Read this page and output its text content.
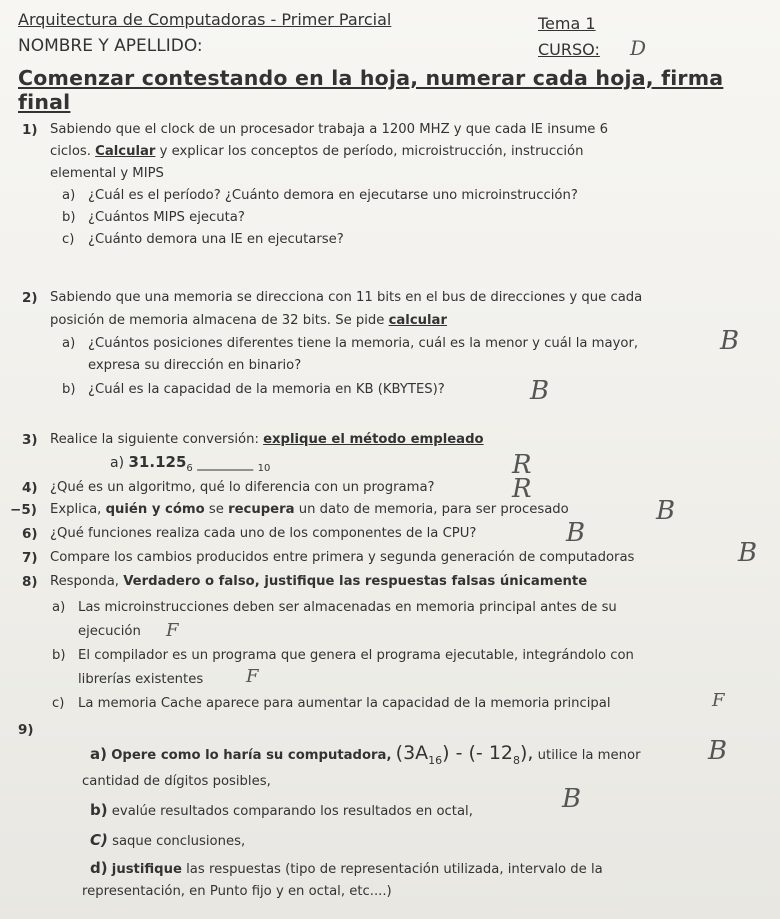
Arquitectura de Computadoras - Primer Parcial	Tema 1
NOMBRE Y APELLIDO:	CURSO: D
Comenzar contestando en la hoja, numerar cada hoja, firma final
1) Sabiendo que el clock de un procesador trabaja a 1200 MHZ y que cada IE insume 6
ciclos. Calcular y explicar los conceptos de período, microistrucción, instrucción
elemental y MIPS
a) ¿Cuál es el período? ¿Cuánto demora en ejecutarse uno microinstrucción?
b) ¿Cuántos MIPS ejecuta?
c) ¿Cuánto demora una IE en ejecutarse?
2) Sabiendo que una memoria se direcciona con 11 bits en el bus de direcciones y que cada
posición de memoria almacena de 32 bits. Se pide calcular
a) ¿Cuántos posiciones diferentes tiene la memoria, cuál es la menor y cuál la mayor,
expresa su dirección en binario?
b) ¿Cuál es la capacidad de la memoria en KB (KBYTES)?
B
B
3) Realice la siguiente conversión: explique el método empleado
a) $31.125_6$ ________ $_{10}$	R
4) ¿Qué es un algoritmo, qué lo diferencia con un programa?	R
−5) Explica, quién y cómo se recupera un dato de memoria, para ser procesado	B
6) ¿Qué funciones realiza cada uno de los componentes de la CPU?	B
7) Compare los cambios producidos entre primera y segunda generación de computadoras	B
8) Responda, Verdadero o falso, justifique las respuestas falsas únicamente
a) Las microinstrucciones deben ser almacenadas en memoria principal antes de su
ejecución F
b) El compilador es un programa que genera el programa ejecutable, integrándolo con
librerías existentes F
c) La memoria Cache aparece para aumentar la capacidad de la memoria principal	F
9)
a) Opere como lo haría su computadora, $(3A_{16})$ - (- $12_8$), utilice la menor
cantidad de dígitos posibles,
B
b) evalúe resultados comparando los resultados en octal,	B
C) saque conclusiones,
d) justifique las respuestas (tipo de representación utilizada, intervalo de la
representación, en Punto fijo y en octal, etc....)
